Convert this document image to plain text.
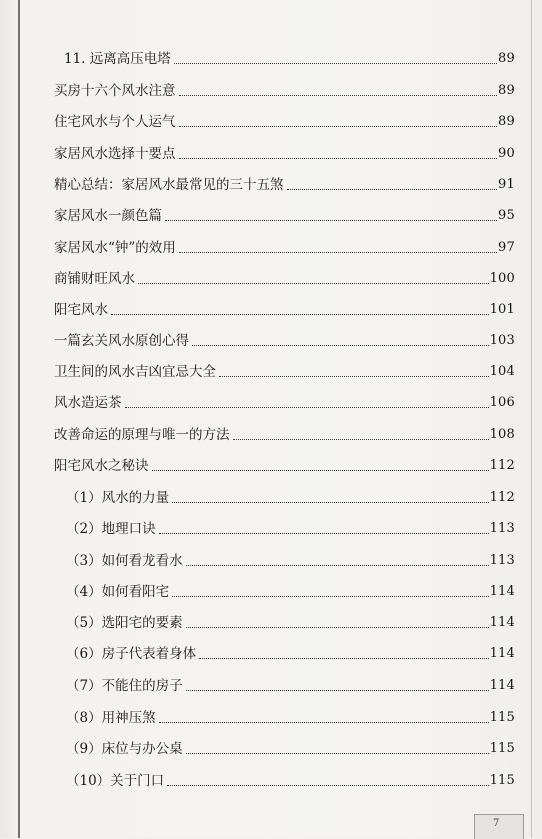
11. 远离高压电塔	89
买房十六个风水注意	89
住宅风水与个人运气	89
家居风水选择十要点	90
精心总结：家居风水最常见的三十五煞	91
家居风水一颜色篇	95
家居风水“钟”的效用	97
商铺财旺风水	100
阳宅风水	101
一篇玄关风水原创心得	103
卫生间的风水吉凶宜忌大全	104
风水造运茶	106
改善命运的原理与唯一的方法	108
阳宅风水之秘诀	112
（1）风水的力量	112
（2）地理口诀	113
（3）如何看龙看水	113
（4）如何看阳宅	114
（5）选阳宅的要素	114
（6）房子代表着身体	114
（7）不能住的房子	114
（8）用神压煞	115
（9）床位与办公桌	115
（10）关于门口	115
7
